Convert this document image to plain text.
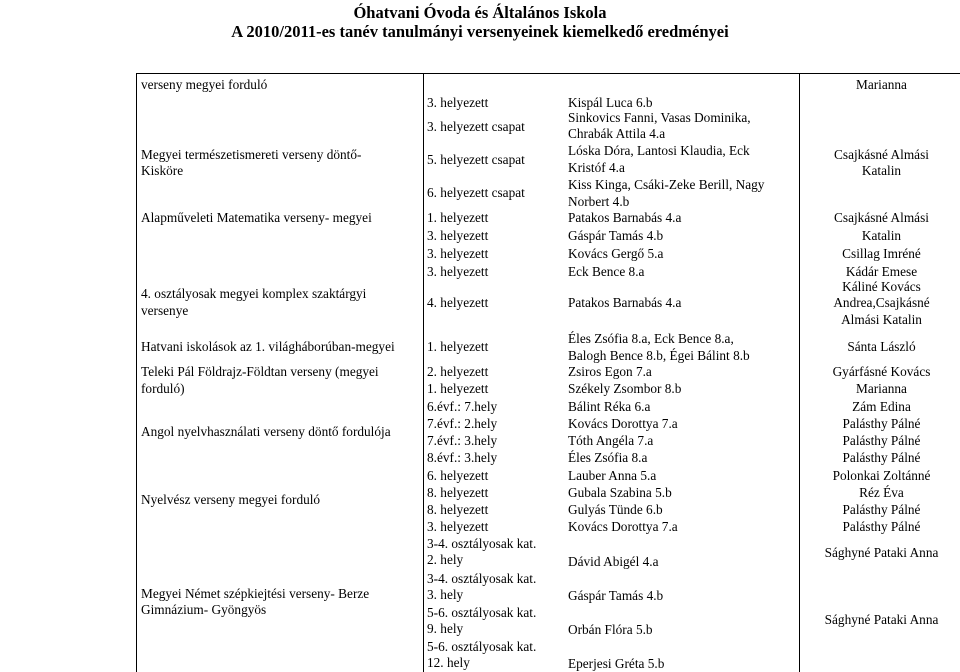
Óhatvani Óvoda és Általános Iskola
A 2010/2011-es tanév tanulmányi versenyeinek kiemelkedő eredményei
verseny megyei forduló
Megyei természetismereti verseny döntő-
Kisköre
Alapműveleti Matematika verseny- megyei
4. osztályosak megyei komplex szaktárgyi
versenye
Hatvani iskolások az 1. világháborúban-megyei
Teleki Pál Földrajz-Földtan verseny (megyei
forduló)
Angol nyelvhasználati verseny döntő fordulója
Nyelvész verseny megyei forduló
Megyei Német szépkiejtési verseny- Berze
Gimnázium- Gyöngyös
3. helyezett
3. helyezett csapat
5. helyezett csapat
6. helyezett csapat
1. helyezett
3. helyezett
3. helyezett
3. helyezett
4. helyezett
1. helyezett
2. helyezett
1. helyezett
6.évf.: 7.hely
7.évf.: 2.hely
7.évf.: 3.hely
8.évf.: 3.hely
6. helyezett
8. helyezett
8. helyezett
3. helyezett
3-4. osztályosak kat.
2. hely
3-4. osztályosak kat.
3. hely
5-6. osztályosak kat.
9. hely
5-6. osztályosak kat.
12. hely
Kispál Luca 6.b
Sinkovics Fanni, Vasas Dominika,
Chrabák Attila 4.a
Lóska Dóra, Lantosi Klaudia, Eck
Kristóf 4.a
Kiss Kinga, Csáki-Zeke Berill, Nagy
Norbert 4.b
Patakos Barnabás 4.a
Gáspár Tamás 4.b
Kovács Gergő 5.a
Eck Bence 8.a
Patakos Barnabás 4.a
Éles Zsófia 8.a, Eck Bence 8.a,
Balogh Bence 8.b, Égei Bálint 8.b
Zsiros Egon 7.a
Székely Zsombor 8.b
Bálint Réka 6.a
Kovács Dorottya 7.a
Tóth Angéla 7.a
Éles Zsófia 8.a
Lauber Anna 5.a
Gubala Szabina 5.b
Gulyás Tünde 6.b
Kovács Dorottya 7.a
Dávid Abigél 4.a
Gáspár Tamás 4.b
Orbán Flóra 5.b
Eperjesi Gréta 5.b
Marianna
Csajkásné Almási
Katalin
Csajkásné Almási
Katalin
Csillag Imréné
Kádár Emese
Káliné Kovács
Andrea,Csajkásné
Almási Katalin
Sánta László
Gyárfásné Kovács
Marianna
Zám Edina
Palásthy Pálné
Palásthy Pálné
Palásthy Pálné
Polonkai Zoltánné
Réz Éva
Palásthy Pálné
Palásthy Pálné
Sághyné Pataki Anna
Sághyné Pataki Anna
